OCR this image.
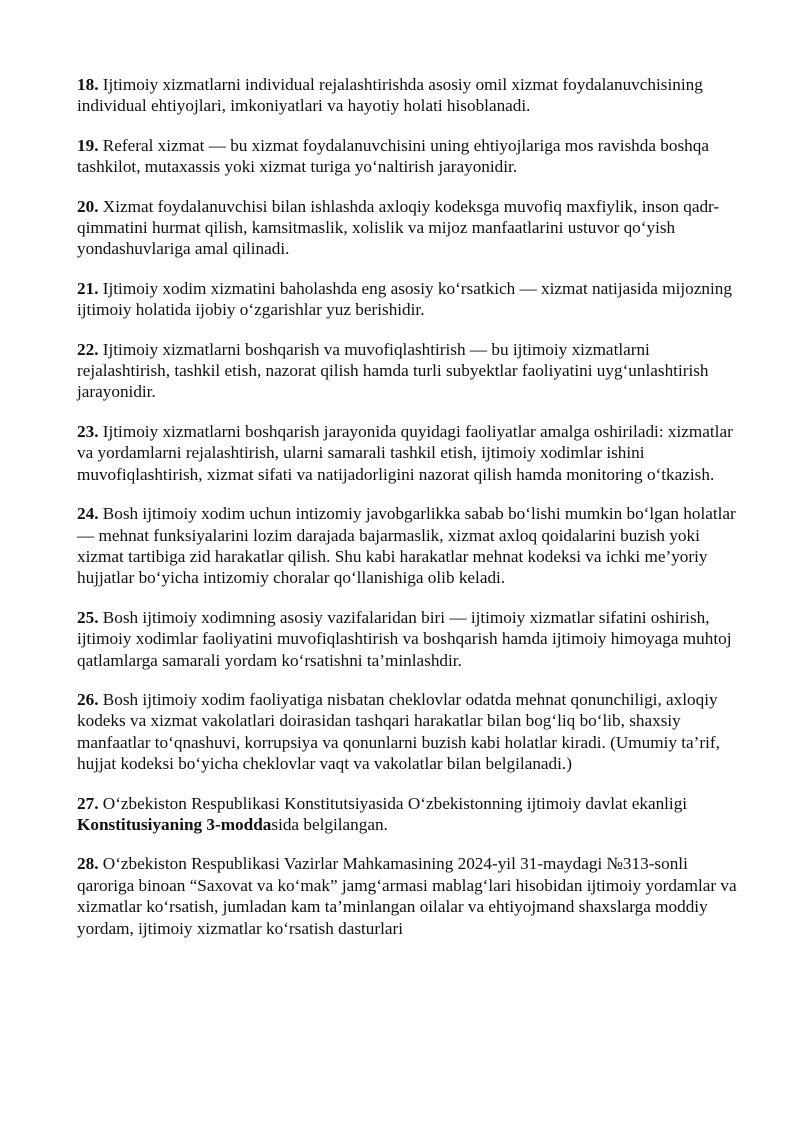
18. Ijtimoiy xizmatlarni individual rejalashtirishda asosiy omil xizmat foydalanuvchisining individual ehtiyojlari, imkoniyatlari va hayotiy holati hisoblanadi.

19. Referal xizmat — bu xizmat foydalanuvchisini uning ehtiyojlariga mos ravishda boshqa tashkilot, mutaxassis yoki xizmat turiga yoʻnaltirish jarayonidir.

20. Xizmat foydalanuvchisi bilan ishlashda axloqiy kodeksga muvofiq maxfiylik, inson qadr-qimmatini hurmat qilish, kamsitmaslik, xolislik va mijoz manfaatlarini ustuvor qoʻyish yondashuvlariga amal qilinadi.

21. Ijtimoiy xodim xizmatini baholashda eng asosiy koʻrsatkich — xizmat natijasida mijozning ijtimoiy holatida ijobiy oʻzgarishlar yuz berishidir.

22. Ijtimoiy xizmatlarni boshqarish va muvofiqlashtirish — bu ijtimoiy xizmatlarni rejalashtirish, tashkil etish, nazorat qilish hamda turli subyektlar faoliyatini uygʻunlashtirish jarayonidir.

23. Ijtimoiy xizmatlarni boshqarish jarayonida quyidagi faoliyatlar amalga oshiriladi: xizmatlar va yordamlarni rejalashtirish, ularni samarali tashkil etish, ijtimoiy xodimlar ishini muvofiqlashtirish, xizmat sifati va natijadorligini nazorat qilish hamda monitoring oʻtkazish.

24. Bosh ijtimoiy xodim uchun intizomiy javobgarlikka sabab boʻlishi mumkin boʻlgan holatlar — mehnat funksiyalarini lozim darajada bajarmaslik, xizmat axloq qoidalarini buzish yoki xizmat tartibiga zid harakatlar qilish. Shu kabi harakatlar mehnat kodeksi va ichki me’yoriy hujjatlar boʻyicha intizomiy choralar qoʻllanishiga olib keladi.

25. Bosh ijtimoiy xodimning asosiy vazifalaridan biri — ijtimoiy xizmatlar sifatini oshirish, ijtimoiy xodimlar faoliyatini muvofiqlashtirish va boshqarish hamda ijtimoiy himoyaga muhtoj qatlamlarga samarali yordam koʻrsatishni ta’minlashdir.

26. Bosh ijtimoiy xodim faoliyatiga nisbatan cheklovlar odatda mehnat qonunchiligi, axloqiy kodeks va xizmat vakolatlari doirasidan tashqari harakatlar bilan bogʻliq boʻlib, shaxsiy manfaatlar toʻqnashuvi, korrupsiya va qonunlarni buzish kabi holatlar kiradi. (Umumiy ta’rif, hujjat kodeksi boʻyicha cheklovlar vaqt va vakolatlar bilan belgilanadi.)

27. Oʻzbekiston Respublikasi Konstitutsiyasida Oʻzbekistonning ijtimoiy davlat ekanligi Konstitusiyaning 3-moddasida belgilangan.

28. Oʻzbekiston Respublikasi Vazirlar Mahkamasining 2024-yil 31-maydagi №313-sonli qaroriga binoan “Saxovat va koʻmak” jamgʻarmasi mablagʻlari hisobidan ijtimoiy yordamlar va xizmatlar koʻrsatish, jumladan kam ta’minlangan oilalar va ehtiyojmand shaxslarga moddiy yordam, ijtimoiy xizmatlar koʻrsatish dasturlari
